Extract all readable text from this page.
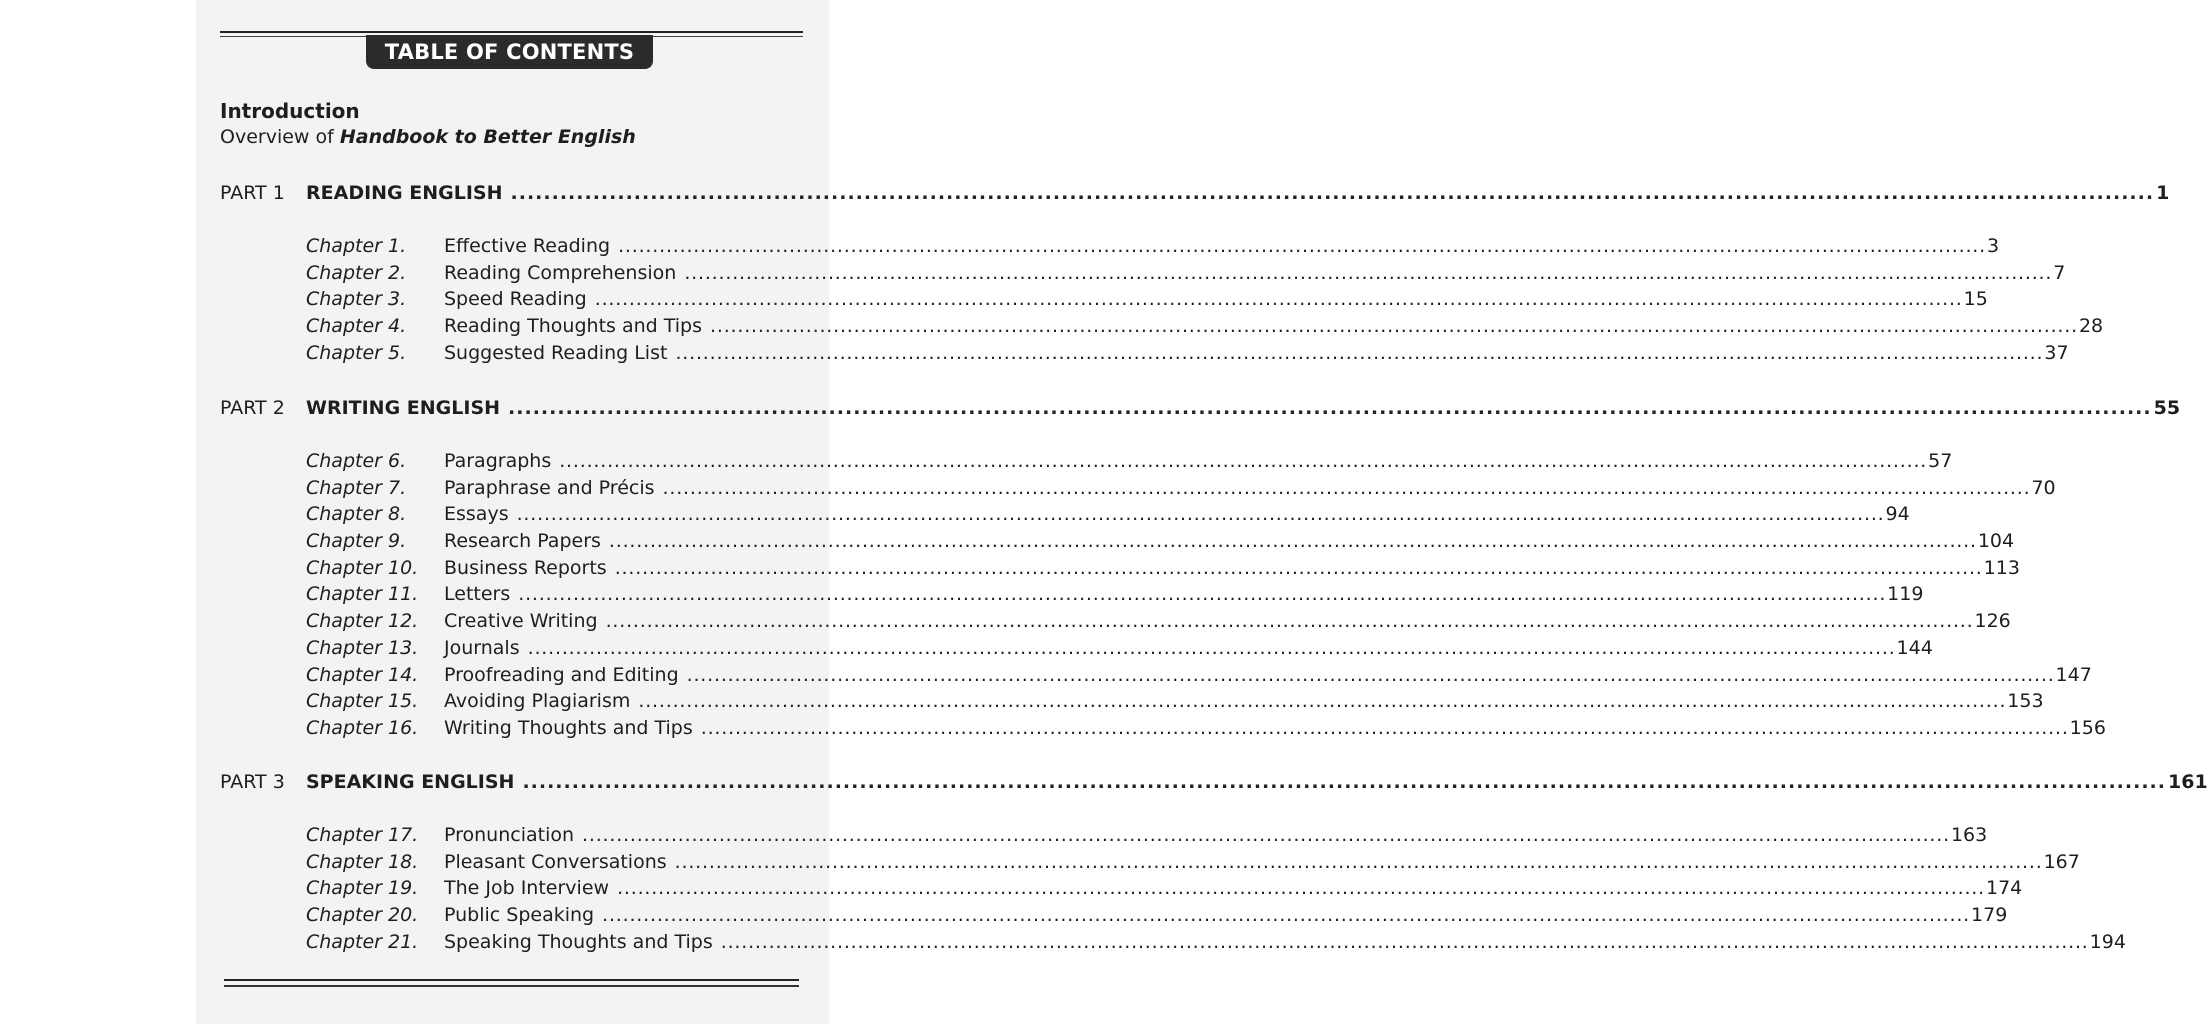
TABLE OF CONTENTS
Introduction
Overview of Handbook to Better English
PART 1	READING ENGLISH ........................................................................................................................................................................................................ 1
Chapter 1.	Effective Reading ........................................................................................................................................................................................................ 3
Chapter 2.	Reading Comprehension ........................................................................................................................................................................................................ 7
Chapter 3.	Speed Reading ........................................................................................................................................................................................................ 15
Chapter 4.	Reading Thoughts and Tips ........................................................................................................................................................................................................ 28
Chapter 5.	Suggested Reading List ........................................................................................................................................................................................................ 37
PART 2	WRITING ENGLISH ........................................................................................................................................................................................................ 55
Chapter 6.	Paragraphs ........................................................................................................................................................................................................ 57
Chapter 7.	Paraphrase and Précis ........................................................................................................................................................................................................ 70
Chapter 8.	Essays ........................................................................................................................................................................................................ 94
Chapter 9.	Research Papers ........................................................................................................................................................................................................ 104
Chapter 10.	Business Reports ........................................................................................................................................................................................................ 113
Chapter 11.	Letters ........................................................................................................................................................................................................ 119
Chapter 12.	Creative Writing ........................................................................................................................................................................................................ 126
Chapter 13.	Journals ........................................................................................................................................................................................................ 144
Chapter 14.	Proofreading and Editing ........................................................................................................................................................................................................ 147
Chapter 15.	Avoiding Plagiarism ........................................................................................................................................................................................................ 153
Chapter 16.	Writing Thoughts and Tips ........................................................................................................................................................................................................ 156
PART 3	SPEAKING ENGLISH ........................................................................................................................................................................................................ 161
Chapter 17.	Pronunciation ........................................................................................................................................................................................................ 163
Chapter 18.	Pleasant Conversations ........................................................................................................................................................................................................ 167
Chapter 19.	The Job Interview ........................................................................................................................................................................................................ 174
Chapter 20.	Public Speaking ........................................................................................................................................................................................................ 179
Chapter 21.	Speaking Thoughts and Tips ........................................................................................................................................................................................................ 194
